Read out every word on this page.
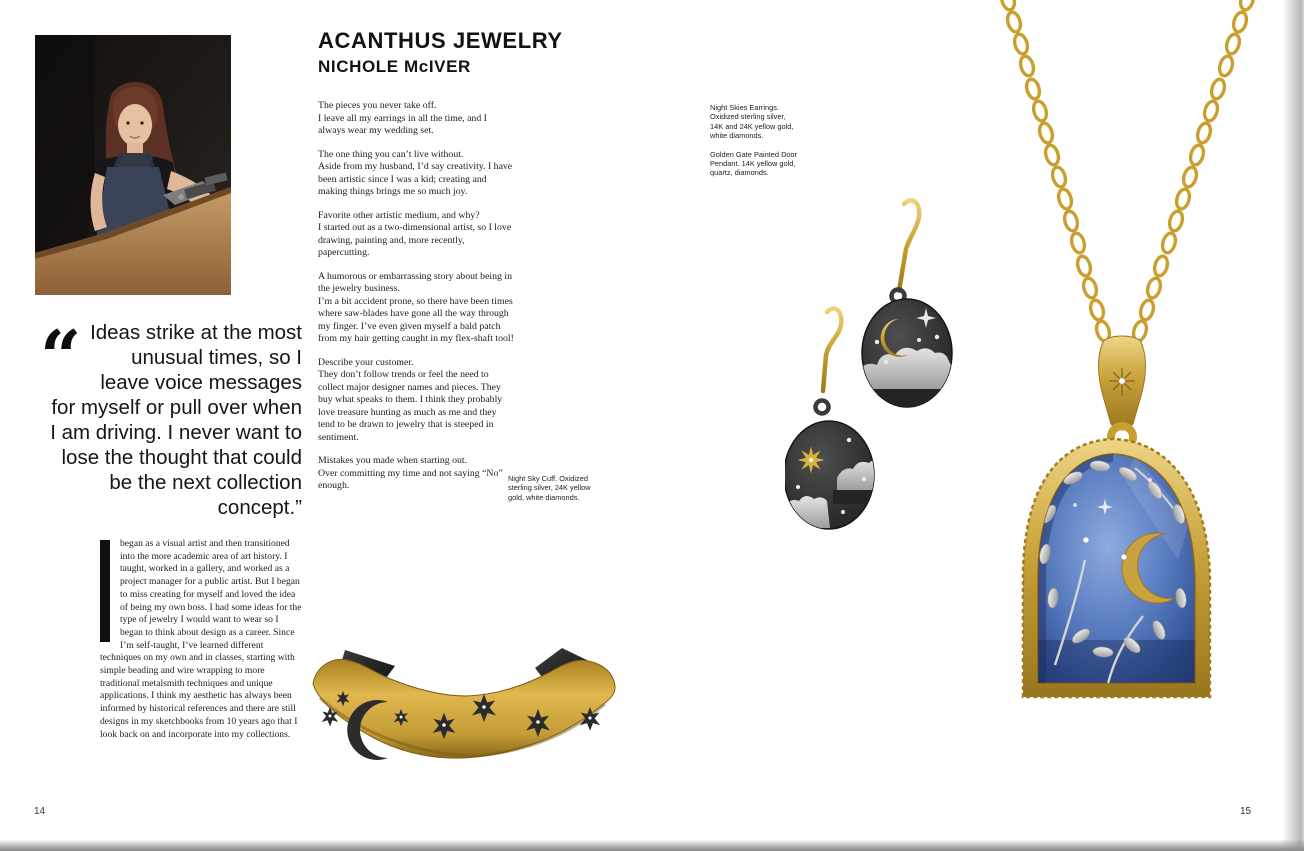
ACANTHUS JEWELRY
NICHOLE McIVER
The pieces you never take off.
I leave all my earrings in all the time, and I always wear my wedding set.
The one thing you can’t live without.
Aside from my husband, I’d say creativity. I have been artistic since I was a kid; creating and making things brings me so much joy.
Favorite other artistic medium, and why?
I started out as a two-dimensional artist, so I love drawing, painting and, more recently, papercutting.
A humorous or embarrassing story about being in the jewelry business.
I’m a bit accident prone, so there have been times where saw-blades have gone all the way through my finger. I’ve even given myself a bald patch from my hair getting caught in my flex-shaft tool!
Describe your customer.
They don’t follow trends or feel the need to collect major designer names and pieces. They buy what speaks to them. I think they probably love treasure hunting as much as me and they tend to be drawn to jewelry that is steeped in sentiment.
Mistakes you made when starting out.
Over committing my time and not saying “No” enough.
“ Ideas strike at the most unusual times, so I leave voice messages for myself or pull over when I am driving. I never want to lose the thought that could be the next collection concept.”
began as a visual artist and then transitioned into the more academic area of art history. I taught, worked in a gallery, and worked as a project manager for a public artist. But I began to miss creating for myself and loved the idea of being my own boss. I had some ideas for the type of jewelry I would want to wear so I began to think about design as a career. Since I’m self-taught, I’ve learned different techniques on my own and in classes, starting with simple beading and wire wrapping to more traditional metalsmith techniques and unique applications. I think my aesthetic has always been informed by historical references and there are still designs in my sketchbooks from 10 years ago that I look back on and incorporate into my collections.

Night Skies Earrings. Oxidized sterling silver, 14K and 24K yellow gold, white diamonds.

Golden Gate Painted Door Pendant. 14K yellow gold, quartz, diamonds.

Night Sky Cuff. Oxidized sterling silver, 24K yellow gold, white diamonds.

14	15
